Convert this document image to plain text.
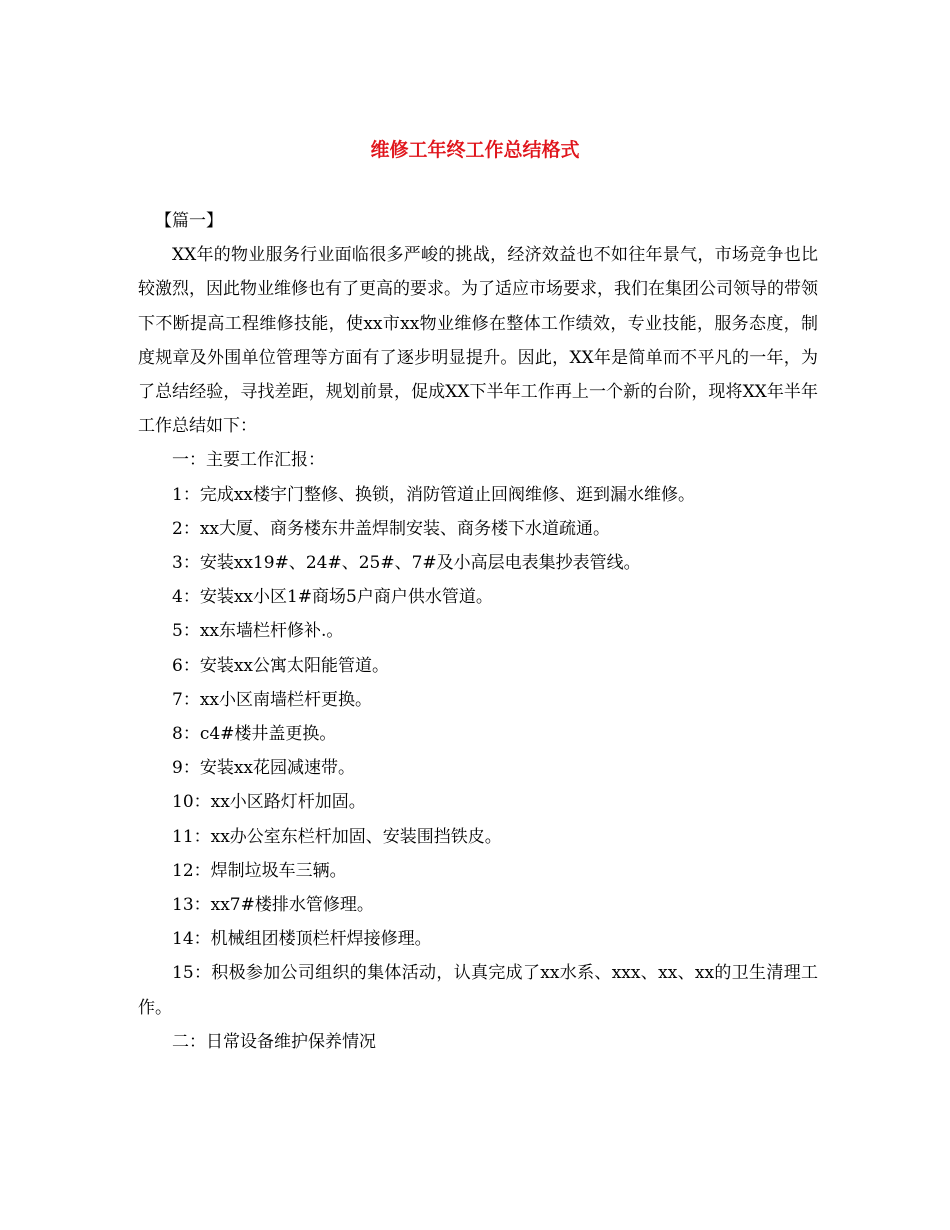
维修工年终工作总结格式

【篇一】

XX年的物业服务行业面临很多严峻的挑战，经济效益也不如往年景气，市场竞争也比较激烈，因此物业维修也有了更高的要求。为了适应市场要求，我们在集团公司领导的带领下不断提高工程维修技能，使xx市xx物业维修在整体工作绩效，专业技能，服务态度，制度规章及外围单位管理等方面有了逐步明显提升。因此，XX年是简单而不平凡的一年，为了总结经验，寻找差距，规划前景，促成XX下半年工作再上一个新的台阶，现将XX年半年工作总结如下：

一：主要工作汇报：

1：完成xx楼宇门整修、换锁，消防管道止回阀维修、逛到漏水维修。

2：xx大厦、商务楼东井盖焊制安装、商务楼下水道疏通。

3：安装xx19#、24#、25#、7#及小高层电表集抄表管线。

4：安装xx小区1#商场5户商户供水管道。

5：xx东墙栏杆修补.。

6：安装xx公寓太阳能管道。

7：xx小区南墙栏杆更换。

8：c4#楼井盖更换。

9：安装xx花园减速带。

10：xx小区路灯杆加固。

11：xx办公室东栏杆加固、安装围挡铁皮。

12：焊制垃圾车三辆。

13：xx7#楼排水管修理。

14：机械组团楼顶栏杆焊接修理。

15：积极参加公司组织的集体活动，认真完成了xx水系、xxx、xx、xx的卫生清理工作。

二：日常设备维护保养情况
